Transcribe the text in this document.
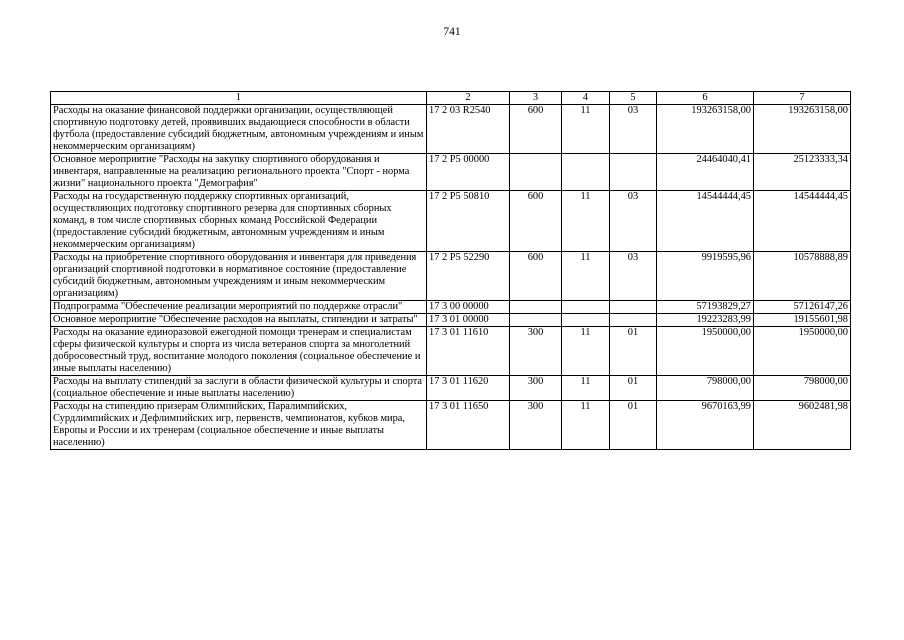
741
1	2	3	4	5	6	7
Расходы на оказание финансовой поддержки организации, осуществляющей спортивную подготовку детей, проявивших выдающиеся способности в области футбола (предоставление субсидий бюджетным, автономным учреждениям и иным некоммерческим организациям)	17 2 03 R2540	600	11	03	193263158,00	193263158,00
Основное мероприятие "Расходы на закупку спортивного оборудования и инвентаря, направленные на реализацию регионального проекта "Спорт - норма жизни" национального проекта "Демография"	17 2 P5 00000				24464040,41	25123333,34
Расходы на государственную поддержку спортивных организаций, осуществляющих подготовку спортивного резерва для спортивных сборных команд, в том числе спортивных сборных команд Российской Федерации (предоставление субсидий бюджетным, автономным учреждениям и иным некоммерческим организациям)	17 2 P5 50810	600	11	03	14544444,45	14544444,45
Расходы на приобретение спортивного оборудования и инвентаря для приведения организаций спортивной подготовки в нормативное состояние (предоставление субсидий бюджетным, автономным учреждениям и иным некоммерческим организациям)	17 2 P5 52290	600	11	03	9919595,96	10578888,89
Подпрограмма "Обеспечение реализации мероприятий по поддержке отрасли"	17 3 00 00000				57193829,27	57126147,26
Основное мероприятие "Обеспечение расходов на выплаты, стипендии и затраты"	17 3 01 00000				19223283,99	19155601,98
Расходы на оказание единоразовой ежегодной помощи тренерам и специалистам сферы физической культуры и спорта из числа ветеранов спорта за многолетний добросовестный труд, воспитание молодого поколения (социальное обеспечение и иные выплаты населению)	17 3 01 11610	300	11	01	1950000,00	1950000,00
Расходы на выплату стипендий за заслуги в области физической культуры и спорта (социальное обеспечение и иные выплаты населению)	17 3 01 11620	300	11	01	798000,00	798000,00
Расходы на стипендию призерам Олимпийских, Паралимпийских, Сурдлимпийских и Дефлимпийских игр, первенств, чемпионатов, кубков мира, Европы и России и их тренерам (социальное обеспечение и иные выплаты населению)	17 3 01 11650	300	11	01	9670163,99	9602481,98
